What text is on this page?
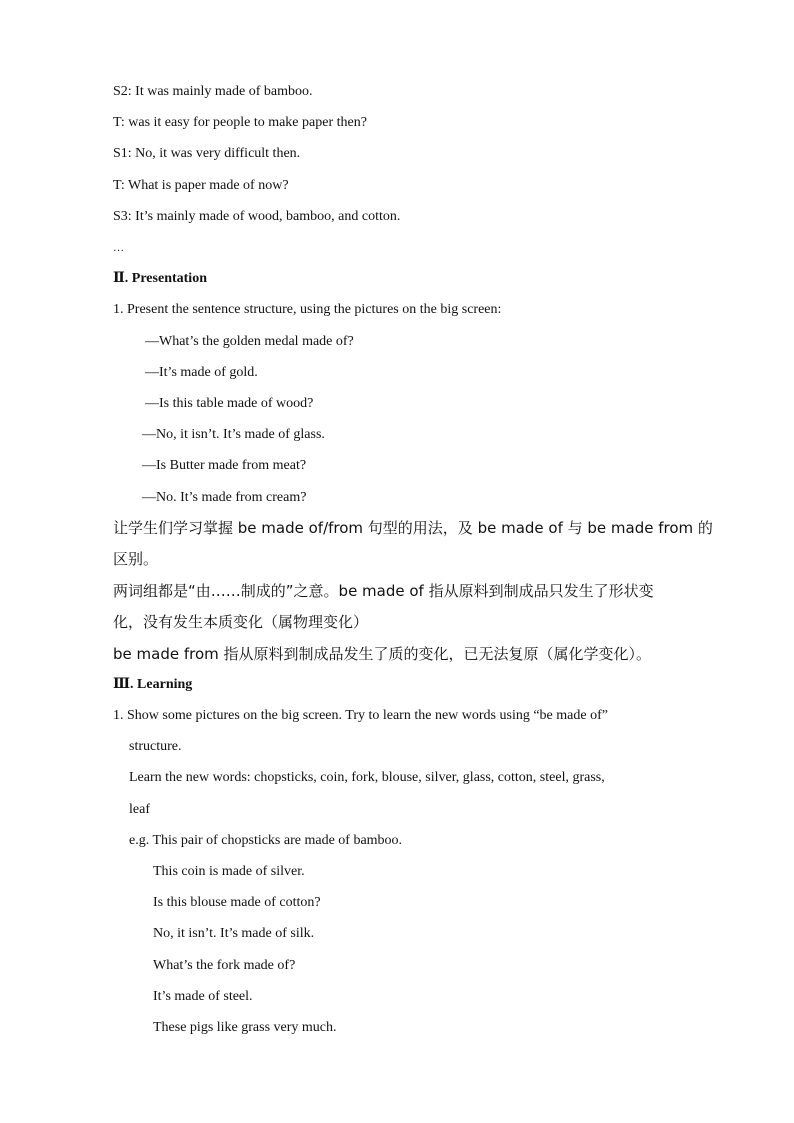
S2: It was mainly made of bamboo.
T: was it easy for people to make paper then?
S1: No, it was very difficult then.
T: What is paper made of now?
S3: It’s mainly made of wood, bamboo, and cotton.
…
Ⅱ. Presentation
1. Present the sentence structure, using the pictures on the big screen:
—What’s the golden medal made of?
—It’s made of gold.
—Is this table made of wood?
—No, it isn’t. It’s made of glass.
—Is Butter made from meat?
—No. It’s made from cream?
让学生们学习掌握 be made of/from 句型的用法，及 be made of 与 be made from 的
区别。
两词组都是“由……制成的”之意。be made of 指从原料到制成品只发生了形状变
化，没有发生本质变化（属物理变化）
be made from 指从原料到制成品发生了质的变化，已无法复原（属化学变化）。
Ⅲ. Learning
1. Show some pictures on the big screen. Try to learn the new words using “be made of”
structure.
Learn the new words: chopsticks, coin, fork, blouse, silver, glass, cotton, steel, grass,
leaf
e.g. This pair of chopsticks are made of bamboo.
This coin is made of silver.
Is this blouse made of cotton?
No, it isn’t. It’s made of silk.
What’s the fork made of?
It’s made of steel.
These pigs like grass very much.
